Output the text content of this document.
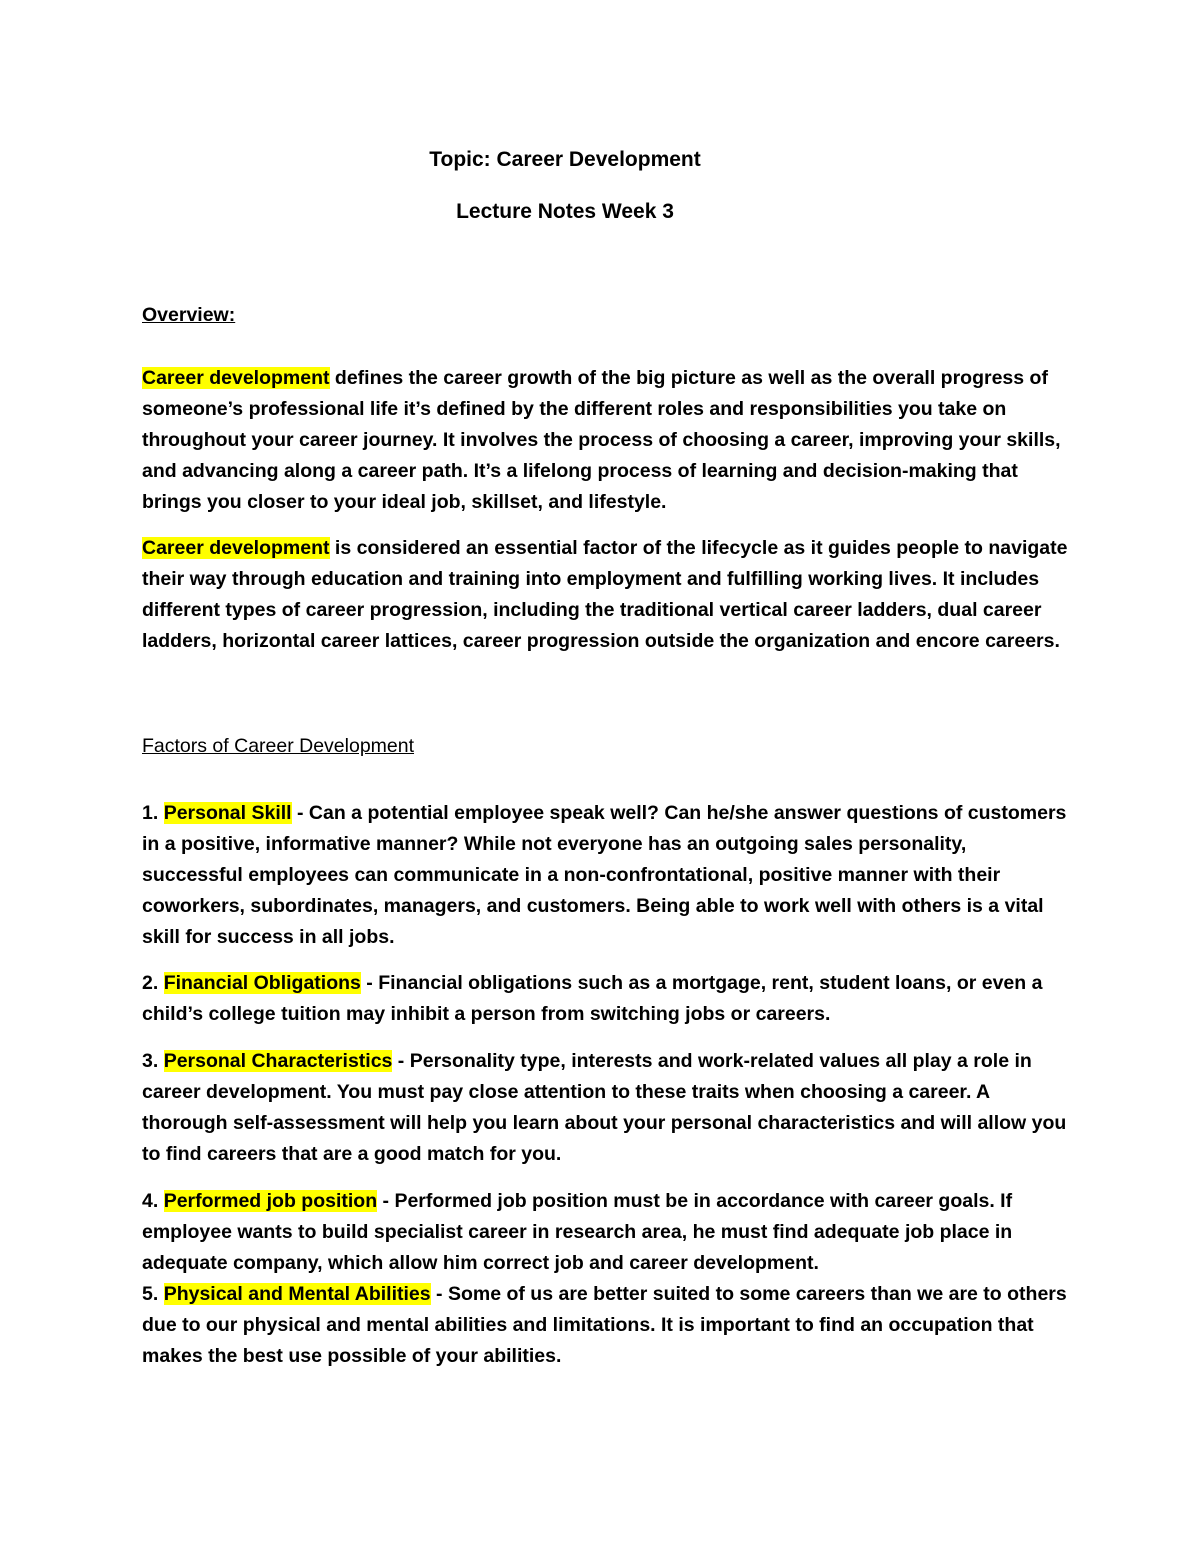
Topic: Career Development
Lecture Notes Week 3
Overview:

Career development defines the career growth of the big picture as well as the overall progress of someone’s professional life it’s defined by the different roles and responsibilities you take on throughout your career journey. It involves the process of choosing a career, improving your skills, and advancing along a career path. It’s a lifelong process of learning and decision-making that brings you closer to your ideal job, skillset, and lifestyle.

Career development is considered an essential factor of the lifecycle as it guides people to navigate their way through education and training into employment and fulfilling working lives. It includes different types of career progression, including the traditional vertical career ladders, dual career ladders, horizontal career lattices, career progression outside the organization and encore careers.

Factors of Career Development

1. Personal Skill - Can a potential employee speak well? Can he/she answer questions of customers in a positive, informative manner? While not everyone has an outgoing sales personality, successful employees can communicate in a non-confrontational, positive manner with their coworkers, subordinates, managers, and customers. Being able to work well with others is a vital skill for success in all jobs.

2. Financial Obligations - Financial obligations such as a mortgage, rent, student loans, or even a child’s college tuition may inhibit a person from switching jobs or careers.

3. Personal Characteristics - Personality type, interests and work-related values all play a role in career development. You must pay close attention to these traits when choosing a career. A thorough self-assessment will help you learn about your personal characteristics and will allow you to find careers that are a good match for you.

4. Performed job position - Performed job position must be in accordance with career goals. If employee wants to build specialist career in research area, he must find adequate job place in adequate company, which allow him correct job and career development.

5. Physical and Mental Abilities - Some of us are better suited to some careers than we are to others due to our physical and mental abilities and limitations. It is important to find an occupation that makes the best use possible of your abilities.
